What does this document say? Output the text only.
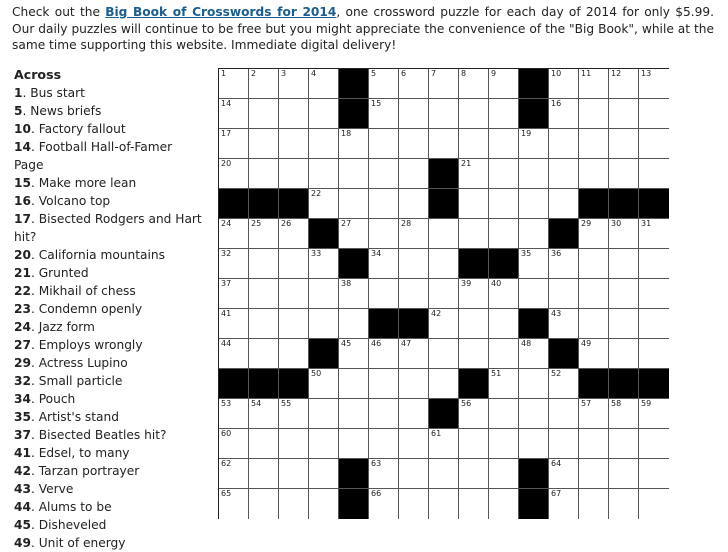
Check out the Big Book of Crosswords for 2014, one crossword puzzle for each day of 2014 for only $5.99. Our daily puzzles will continue to be free but you might appreciate the convenience of the "Big Book", while at the same time supporting this website. Immediate digital delivery!
Across
1. Bus start
5. News briefs
10. Factory fallout
14. Football Hall-of-Famer Page
15. Make more lean
16. Volcano top
17. Bisected Rodgers and Hart hit?
20. California mountains
21. Grunted
22. Mikhail of chess
23. Condemn openly
24. Jazz form
27. Employs wrongly
29. Actress Lupino
32. Small particle
34. Pouch
35. Artist's stand
37. Bisected Beatles hit?
41. Edsel, to many
42. Tarzan portrayer
43. Verve
44. Alums to be
45. Disheveled
49. Unit of energy
1	2	3	4	5	6	7	8	9	10 11 12 13
14	15	16
17	18	19
20	21
22
24 25 26	27	28	29 30 31
32	33	34	35 36
37	38	39 40
41	42	43
44	45 46 47	48	49
50	51	52
53 54 55	56	57 58 59
60	61
62	63	64
65	66	67
